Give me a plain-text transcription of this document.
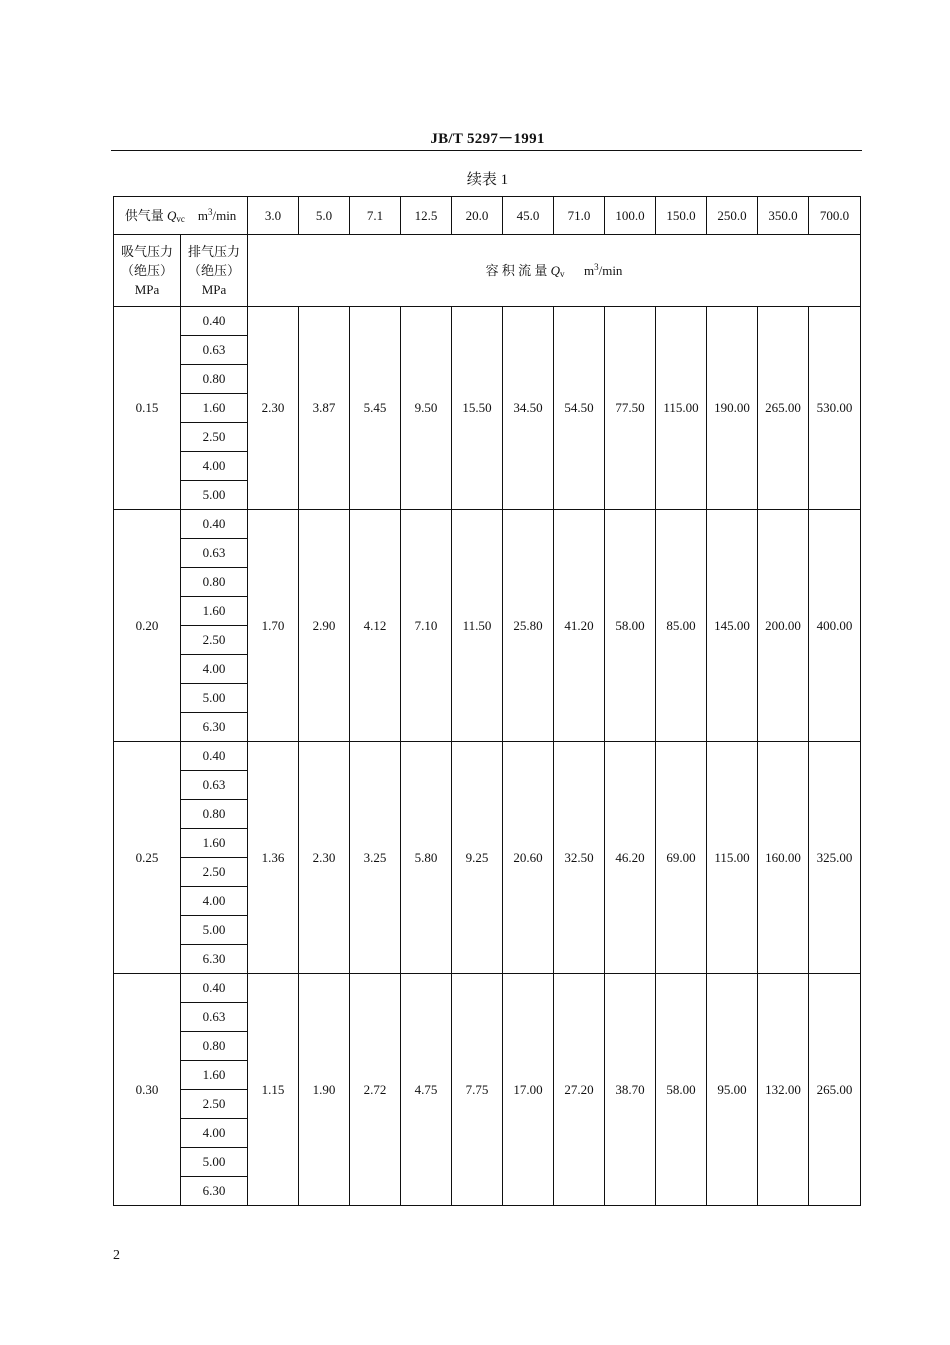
JB/T 5297－1991
续表 1
供气量 $Q_{vc}$ $m^3/\min$		3.0	5.0	7.1	12.5	20.0	45.0	71.0	100.0	150.0	250.0	350.0	700.0

吸气压力
（绝压）
MPa	排气压力
（绝压）
MPa	容 积 流 量 $Q_v$ $m^3/\min$											
0.15	0.40	2.30	3.87	5.45	9.50	15.50	34.50	54.50	77.50	115.00	190.00	265.00	530.00
	0.63												
	0.80												
	1.60												
	2.50												
	4.00												
	5.00												
0.20	0.40	1.70	2.90	4.12	7.10	11.50	25.80	41.20	58.00	85.00	145.00	200.00	400.00
	0.63												
	0.80												
	1.60												
	2.50												
	4.00												
	5.00												
	6.30												
0.25	0.40	1.36	2.30	3.25	5.80	9.25	20.60	32.50	46.20	69.00	115.00	160.00	325.00
	0.63												
	0.80												
	1.60												
	2.50												
	4.00												
	5.00												
	6.30												
0.30	0.40	1.15	1.90	2.72	4.75	7.75	17.00	27.20	38.70	58.00	95.00	132.00	265.00
	0.63												
	0.80												
	1.60												
	2.50												
	4.00												
	5.00												
	6.30												
2
